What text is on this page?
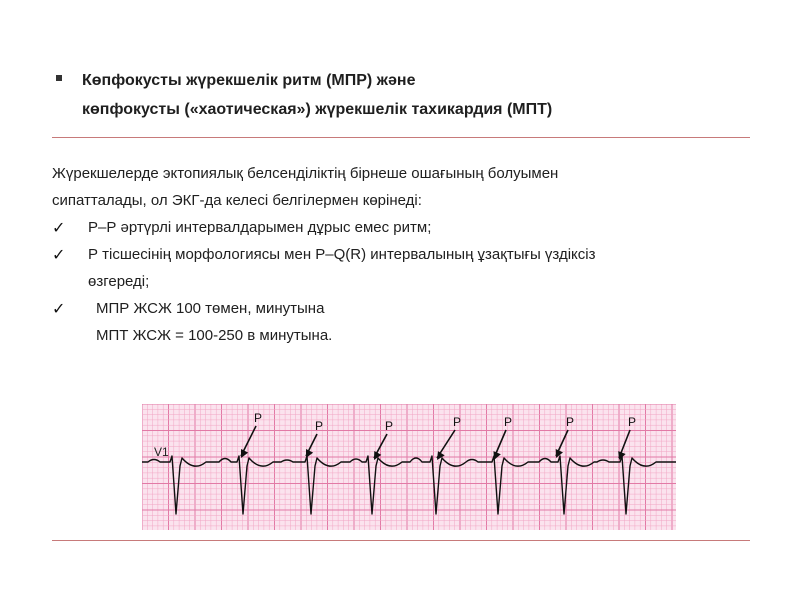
Көпфокусты жүрекшелік ритм (МПР) және
көпфокусты («хаотическая») жүрекшелік тахикардия (МПТ)
Жүрекшелерде эктопиялық белсенділіктің бірнеше ошағының болуымен
сипатталады, ол ЭКГ-да келесі белгілермен көрінеді:
✓ Р–Р әртүрлі интервалдарымен дұрыс емес ритм;
✓ Р тісшесінің морфологиясы мен Р–Q(R) интервалының ұзақтығы үздіксіз
өзгереді;
✓	МПР ЖСЖ 100 төмен, минутына
МПТ ЖСЖ = 100-250 в минутына.
V1
P
P	P	P	P	P	P
